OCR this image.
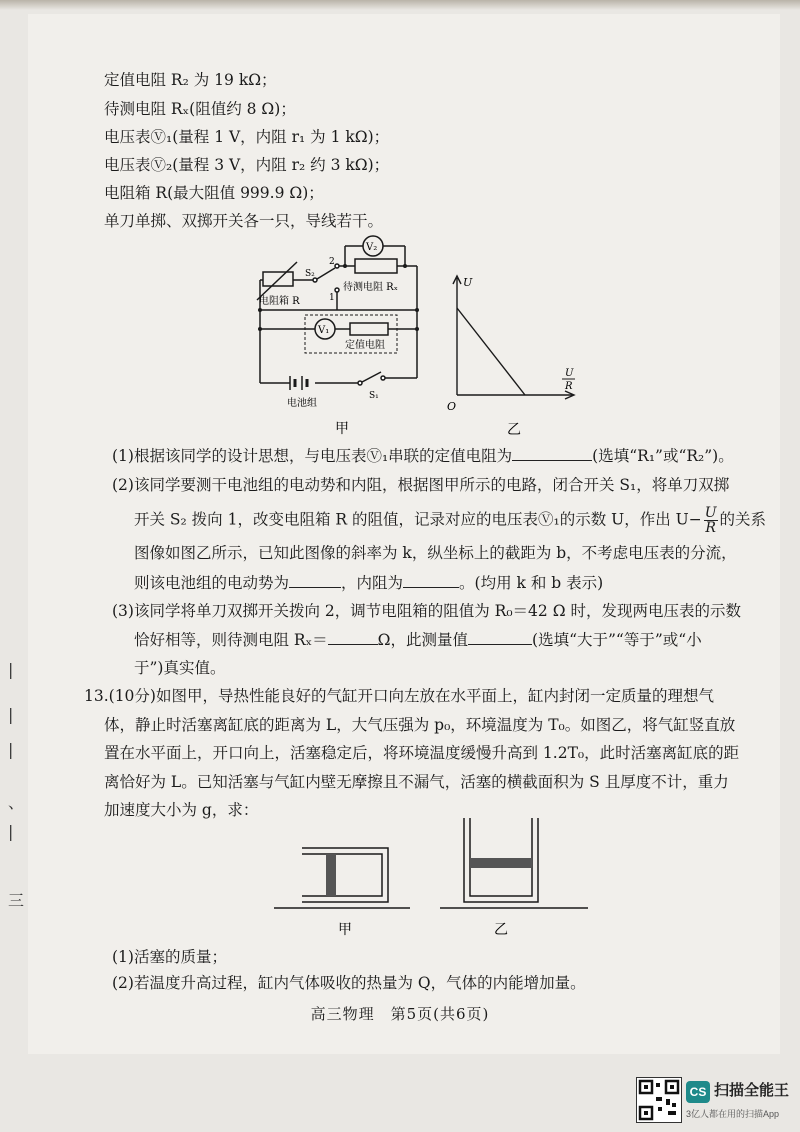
|
|
|
、
|
三
定值电阻 R₂ 为 19 kΩ；
待测电阻 Rₓ(阻值约 8 Ω)；
电压表Ⓥ₁(量程 1 V，内阻 r₁ 为 1 kΩ)；
电压表Ⓥ₂(量程 3 V，内阻 r₂ 约 3 kΩ)；
电阻箱 R(最大阻值 999.9 Ω)；
单刀单掷、双掷开关各一只，导线若干。
V₂
V₁
S₂
2
1
待测电阻 Rₓ
电阻箱 R
定值电阻
电池组
S₁
甲
U
U
R
O
乙
(1)根据该同学的设计思想，与电压表Ⓥ₁串联的定值电阻为	(选填“R₁”或“R₂”)。
(2)该同学要测干电池组的电动势和内阻，根据图甲所示的电路，闭合开关 S₁，将单刀双掷
开关 S₂ 拨向 1，改变电阻箱 R 的阻值，记录对应的电压表Ⓥ₁的示数 U，作出 $U- \frac{U}{R}$ 的关系
图像如图乙所示，已知此图像的斜率为 k，纵坐标上的截距为 b，不考虑电压表的分流，
则该电池组的电动势为	，内阻为	。(均用 k 和 b 表示)
(3)该同学将单刀双掷开关拨向 2，调节电阻箱的阻值为 R₀＝42 Ω 时，发现两电压表的示数
恰好相等，则待测电阻 Rₓ＝	Ω，此测量值	(选填“大于”“等于”或“小
于”)真实值。
13.(10分)如图甲，导热性能良好的气缸开口向左放在水平面上，缸内封闭一定质量的理想气
体，静止时活塞离缸底的距离为 L，大气压强为 p₀，环境温度为 T₀。如图乙，将气缸竖直放
置在水平面上，开口向上，活塞稳定后，将环境温度缓慢升高到 1.2T₀，此时活塞离缸底的距
离恰好为 L。已知活塞与气缸内壁无摩擦且不漏气，活塞的横截面积为 S 且厚度不计，重力
加速度大小为 g，求：
甲	乙
(1)活塞的质量；
(2)若温度升高过程，缸内气体吸收的热量为 Q，气体的内能增加量。
高三物理　第5页(共6页)
CS 扫描全能王
3亿人都在用的扫描App
